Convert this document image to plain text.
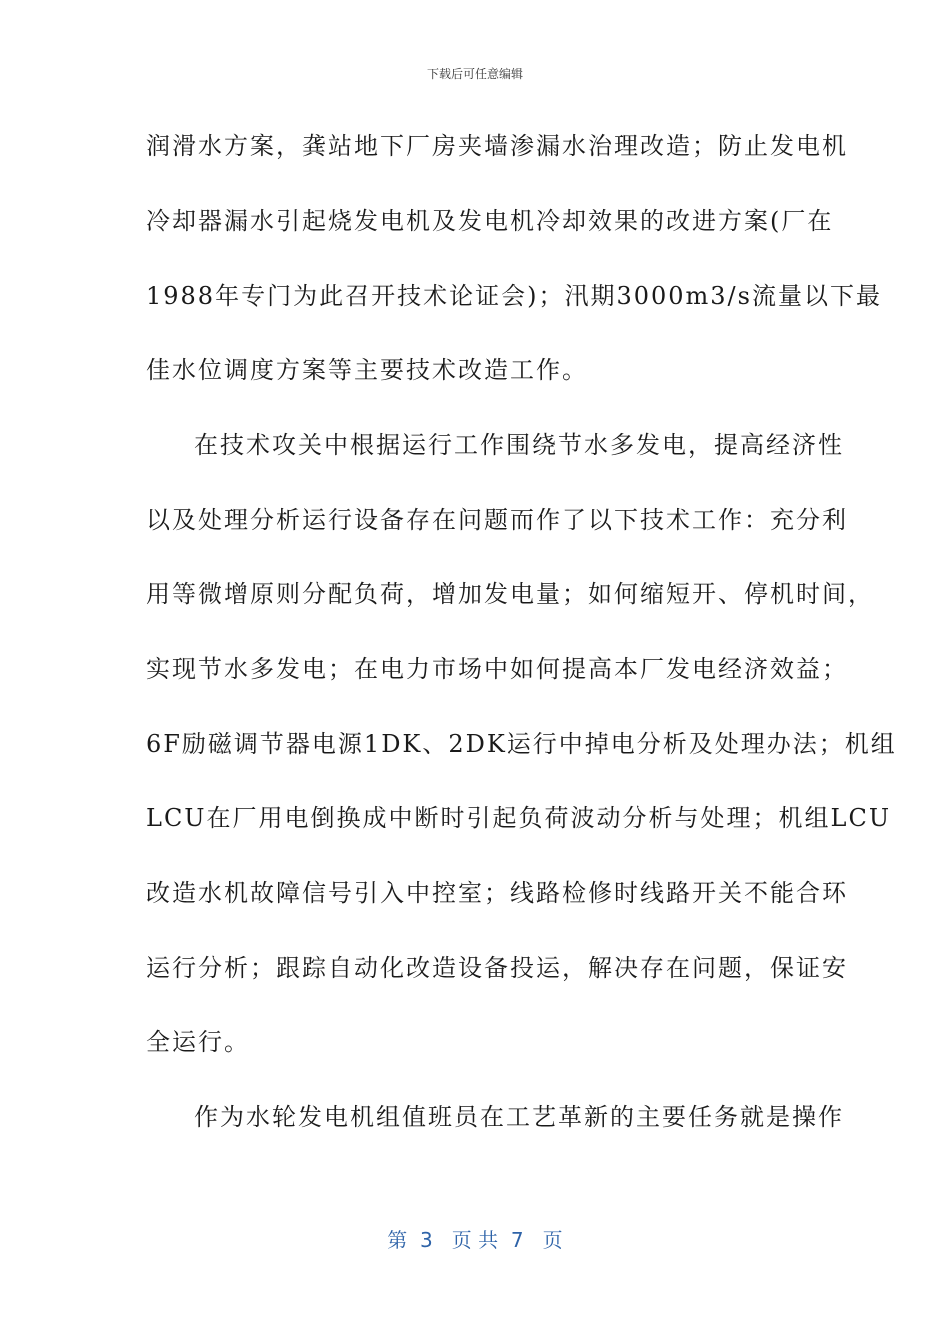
下载后可任意编辑
润滑水方案，龚站地下厂房夹墙渗漏水治理改造；防止发电机
冷却器漏水引起烧发电机及发电机冷却效果的改进方案(厂在
1988年专门为此召开技术论证会)；汛期3000m3/s流量以下最
佳水位调度方案等主要技术改造工作。
在技术攻关中根据运行工作围绕节水多发电，提高经济性
以及处理分析运行设备存在问题而作了以下技术工作：充分利
用等微增原则分配负荷，增加发电量；如何缩短开、停机时间，
实现节水多发电；在电力市场中如何提高本厂发电经济效益；
6F励磁调节器电源1DK、2DK运行中掉电分析及处理办法；机组
LCU在厂用电倒换成中断时引起负荷波动分析与处理；机组LCU
改造水机故障信号引入中控室；线路检修时线路开关不能合环
运行分析；跟踪自动化改造设备投运，解决存在问题，保证安
全运行。
作为水轮发电机组值班员在工艺革新的主要任务就是操作
第  3   页 共  7   页
